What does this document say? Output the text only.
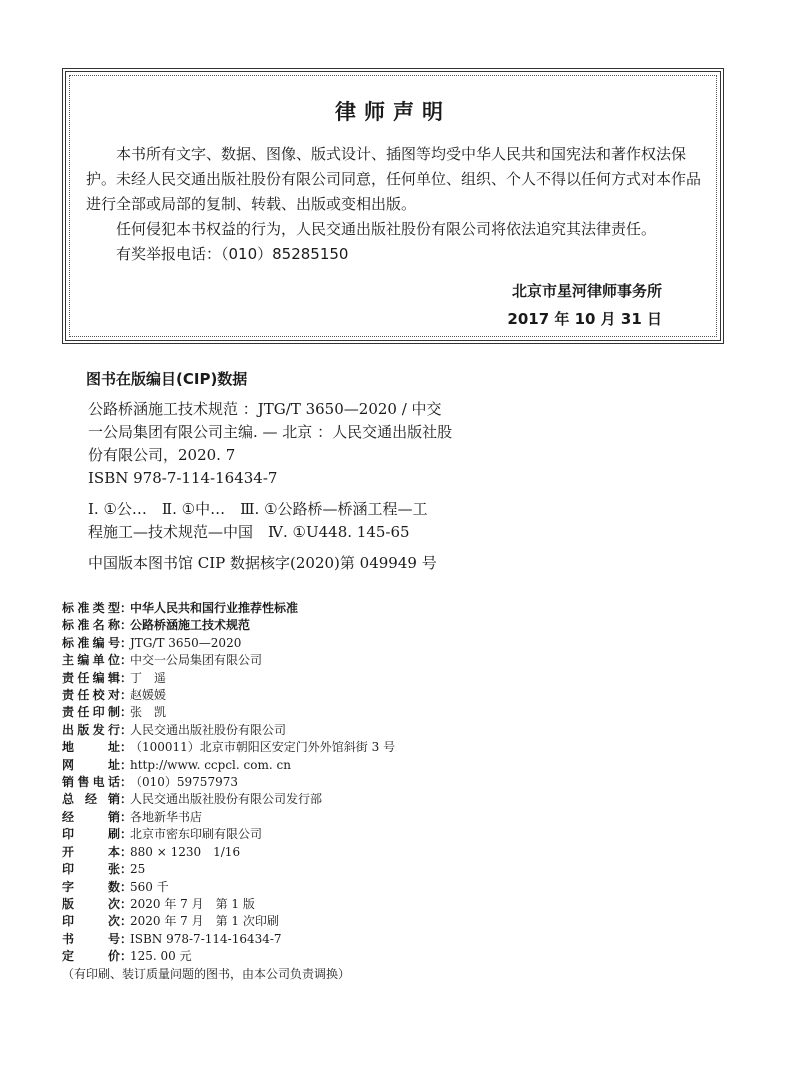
律师声明

本书所有文字、数据、图像、版式设计、插图等均受中华人民共和国宪法和著作权法保护。未经人民交通出版社股份有限公司同意，任何单位、组织、个人不得以任何方式对本作品进行全部或局部的复制、转载、出版或变相出版。

任何侵犯本书权益的行为，人民交通出版社股份有限公司将依法追究其法律责任。

有奖举报电话：（010）85285150

北京市星河律师事务所
2017 年 10 月 31 日
图书在版编目(CIP)数据

公路桥涵施工技术规范 ：JTG/T 3650—2020 / 中交

一公局集团有限公司主编. — 北京 ：人民交通出版社股

份有限公司，2020. 7

ISBN 978-7-114-16434-7

Ⅰ. ①公…　Ⅱ. ①中…　Ⅲ. ①公路桥—桥涵工程—工

程施工—技术规范—中国　Ⅳ. ①U448. 145-65

中国版本图书馆 CIP 数据核字(2020)第 049949 号

标 准 类 型 ：
中华人民共和国行业推荐性标准
标 准 名 称 ：
公路桥涵施工技术规范
标 准 编 号 ：
JTG/T 3650—2020
主 编 单 位 ：
中交一公局集团有限公司
责 任 编 辑 ：
丁　遥
责 任 校 对 ：
赵媛媛
责 任 印 制 ：
张　凯
出 版 发 行 ：
人民交通出版社股份有限公司
地	址 ：
（100011）北京市朝阳区安定门外外馆斜街 3 号
网	址 ：
http://www. ccpcl. com. cn
销 售 电 话 ：
（010）59757973
总 经 销 ：
人民交通出版社股份有限公司发行部
经	销 ：
各地新华书店
印	刷 ：
北京市密东印刷有限公司
开	本 ：
880 × 1230　1/16
印	张 ：
25
字	数 ：
560 千
版	次 ：
2020 年 7 月　第 1 版
印	次 ：
2020 年 7 月　第 1 次印刷
书	号 ：
ISBN 978-7-114-16434-7
定	价 ：
125. 00 元
（有印刷、装订质量问题的图书，由本公司负责调换）
